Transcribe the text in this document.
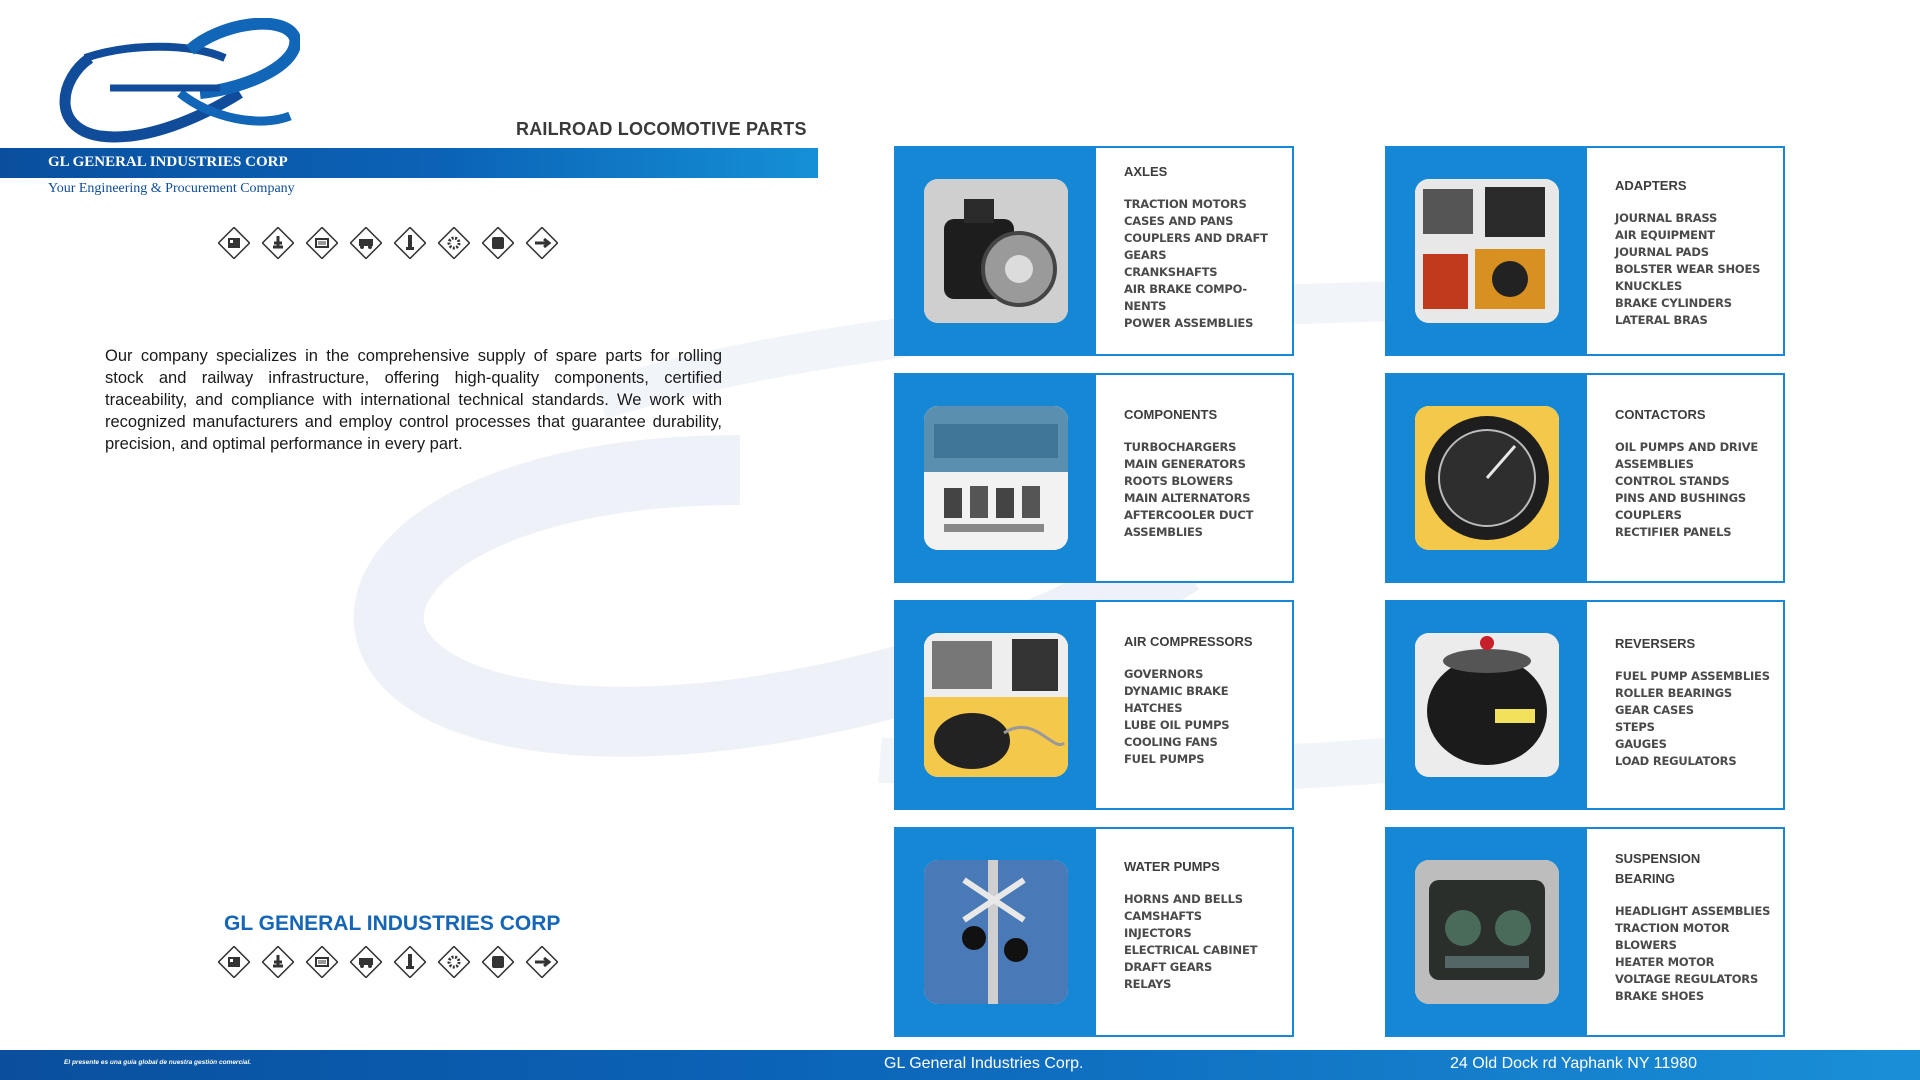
RAILROAD LOCOMOTIVE PARTS
GL GENERAL INDUSTRIES CORP
Your Engineering & Procurement Company
Our company specializes in the comprehensive supply of spare parts for rolling stock and railway infrastructure, offering high-quality components, certified traceability, and compliance with international technical standards. We work with recognized manufacturers and employ control processes that guarantee durability, precision, and optimal performance in every part.
GL GENERAL INDUSTRIES CORP
AXLES
TRACTION MOTORS
CASES AND PANS
COUPLERS AND DRAFT
GEARS
CRANKSHAFTS
AIR BRAKE COMPO-
NENTS
POWER ASSEMBLIES
ADAPTERS
JOURNAL BRASS
AIR EQUIPMENT
JOURNAL PADS
BOLSTER WEAR SHOES
KNUCKLES
BRAKE CYLINDERS
LATERAL BRAS
COMPONENTS
TURBOCHARGERS
MAIN GENERATORS
ROOTS BLOWERS
MAIN ALTERNATORS
AFTERCOOLER DUCT
ASSEMBLIES
CONTACTORS
OIL PUMPS AND DRIVE
ASSEMBLIES
CONTROL STANDS
PINS AND BUSHINGS
COUPLERS
RECTIFIER PANELS
AIR COMPRESSORS
GOVERNORS
DYNAMIC BRAKE
HATCHES
LUBE OIL PUMPS
COOLING FANS
FUEL PUMPS
REVERSERS
FUEL PUMP ASSEMBLIES
ROLLER BEARINGS
GEAR CASES
STEPS
GAUGES
LOAD REGULATORS
WATER PUMPS
HORNS AND BELLS
CAMSHAFTS
INJECTORS
ELECTRICAL CABINET
DRAFT GEARS
RELAYS
SUSPENSION
BEARING
HEADLIGHT ASSEMBLIES
TRACTION MOTOR
BLOWERS
HEATER MOTOR
VOLTAGE REGULATORS
BRAKE SHOES
El presente es una guía global de nuestra gestión comercial.	GL General Industries Corp.	24 Old Dock rd Yaphank NY 11980
